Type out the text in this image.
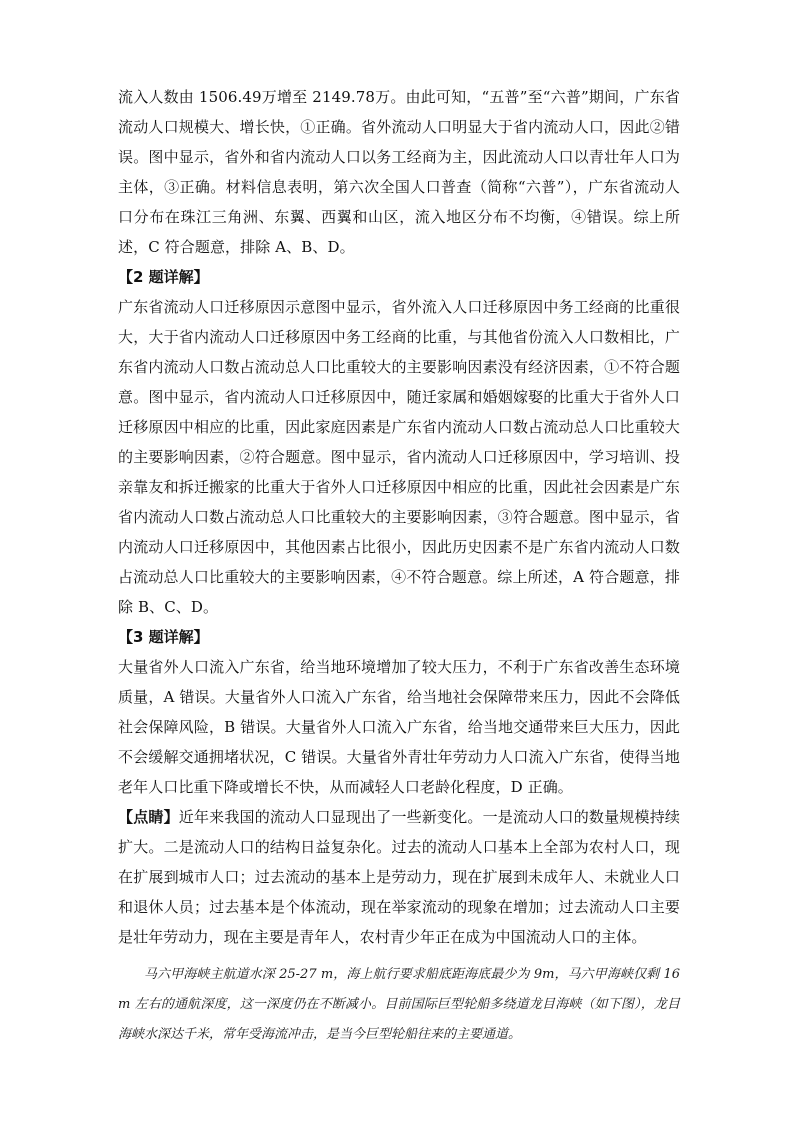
流入人数由 1506.49万增至 2149.78万。由此可知，“五普”至“六普”期间，广东省流动人口规模大、增长快，①正确。省外流动人口明显大于省内流动人口，因此②错误。图中显示，省外和省内流动人口以务工经商为主，因此流动人口以青壮年人口为主体，③正确。材料信息表明，第六次全国人口普查（简称“六普”），广东省流动人口分布在珠江三角洲、东翼、西翼和山区，流入地区分布不均衡，④错误。综上所述，C 符合题意，排除 A、B、D。

【2 题详解】

广东省流动人口迁移原因示意图中显示，省外流入人口迁移原因中务工经商的比重很大，大于省内流动人口迁移原因中务工经商的比重，与其他省份流入人口数相比，广东省内流动人口数占流动总人口比重较大的主要影响因素没有经济因素，①不符合题意。图中显示，省内流动人口迁移原因中，随迁家属和婚姻嫁娶的比重大于省外人口迁移原因中相应的比重，因此家庭因素是广东省内流动人口数占流动总人口比重较大的主要影响因素，②符合题意。图中显示，省内流动人口迁移原因中，学习培训、投亲靠友和拆迁搬家的比重大于省外人口迁移原因中相应的比重，因此社会因素是广东省内流动人口数占流动总人口比重较大的主要影响因素，③符合题意。图中显示，省内流动人口迁移原因中，其他因素占比很小，因此历史因素不是广东省内流动人口数占流动总人口比重较大的主要影响因素，④不符合题意。综上所述，A 符合题意，排除 B、C、D。

【3 题详解】

大量省外人口流入广东省，给当地环境增加了较大压力，不利于广东省改善生态环境质量，A 错误。大量省外人口流入广东省，给当地社会保障带来压力，因此不会降低社会保障风险，B 错误。大量省外人口流入广东省，给当地交通带来巨大压力，因此不会缓解交通拥堵状况，C 错误。大量省外青壮年劳动力人口流入广东省，使得当地老年人口比重下降或增长不快，从而减轻人口老龄化程度，D 正确。

【点睛】近年来我国的流动人口显现出了一些新变化。一是流动人口的数量规模持续扩大。二是流动人口的结构日益复杂化。过去的流动人口基本上全部为农村人口，现在扩展到城市人口；过去流动的基本上是劳动力，现在扩展到未成年人、未就业人口和退休人员；过去基本是个体流动，现在举家流动的现象在增加；过去流动人口主要是壮年劳动力，现在主要是青年人，农村青少年正在成为中国流动人口的主体。

马六甲海峡主航道水深 25-27 m，海上航行要求船底距海底最少为 9m，马六甲海峡仅剩 16 m 左右的通航深度，这一深度仍在不断减小。目前国际巨型轮船多绕道龙目海峡（如下图），龙目 海峡水深达千米，常年受海流冲击，是当今巨型轮船往来的主要通道。
